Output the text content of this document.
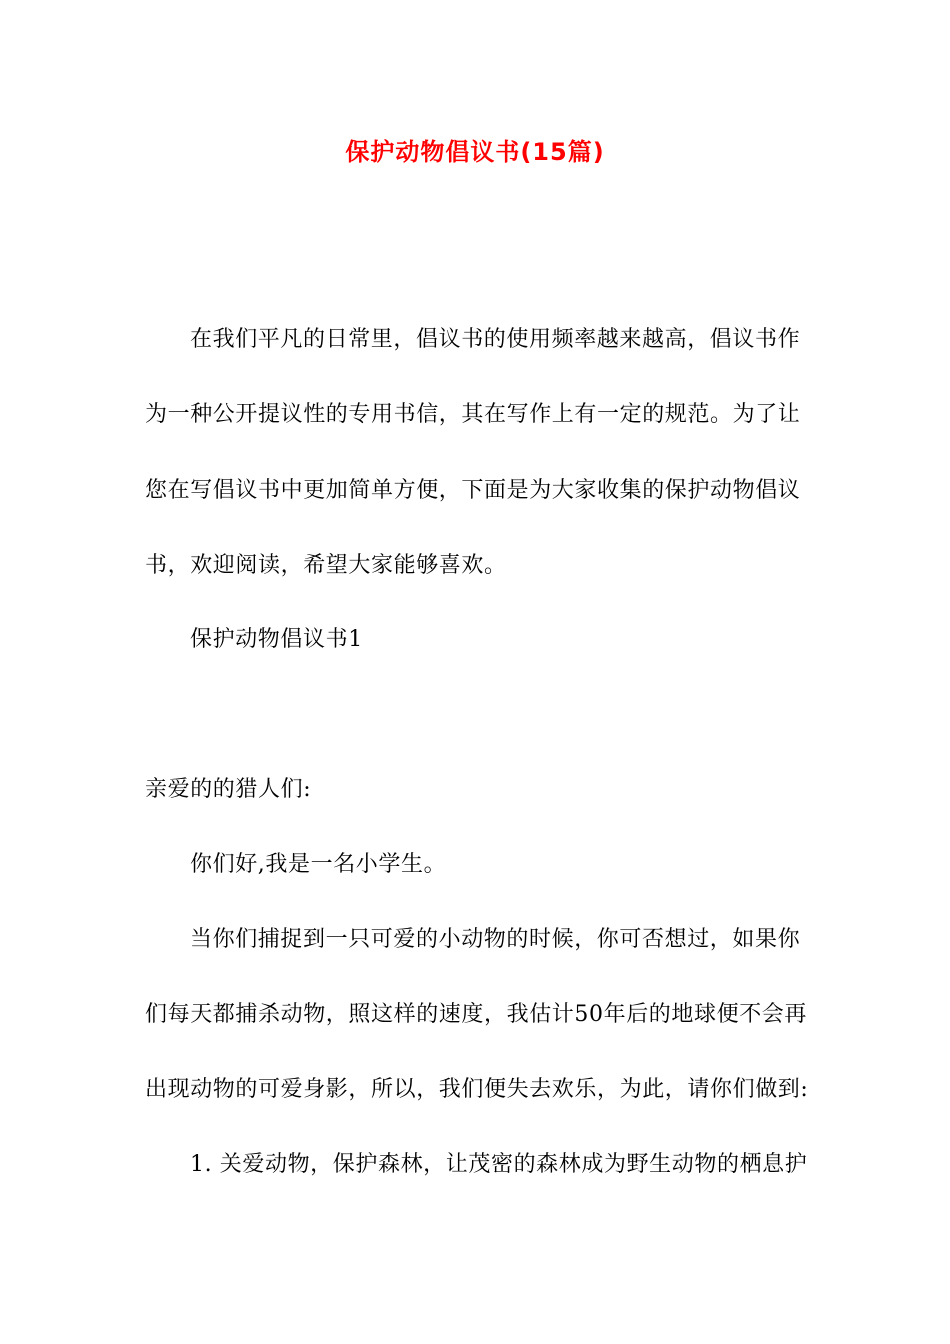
保护动物倡议书(15篇)
在我们平凡的日常里，倡议书的使用频率越来越高，倡议书作
为一种公开提议性的专用书信，其在写作上有一定的规范。为了让
您在写倡议书中更加简单方便，下面是为大家收集的保护动物倡议
书，欢迎阅读，希望大家能够喜欢。
保护动物倡议书1
亲爱的的猎人们:
你们好,我是一名小学生。
当你们捕捉到一只可爱的小动物的时候，你可否想过，如果你
们每天都捕杀动物，照这样的速度，我估计50年后的地球便不会再
出现动物的可爱身影，所以，我们便失去欢乐，为此，请你们做到:
1. 关爱动物，保护森林，让茂密的森林成为野生动物的栖息护
